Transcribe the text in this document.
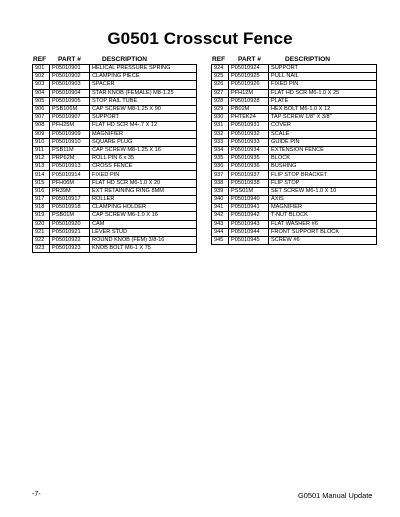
G0501 Crosscut Fence
REF PART #	DESCRIPTION
901	P05010901	HELICAL PRESSURE SPRING
902	P05010902	CLAMPING PIECE
903	P05010903	SPACER
904	P05010904	STAR KNOB (FEMALE) M8-1.25
905	P05010905	STOP RAIL TUBE
906	PSB106M	CAP SCREW M8-1.25 X 90
907	P05010907	SUPPORT
908	PFH25M	FLAT HD SCR M4-.7 X 12
909	P05010909	MAGNIFIER
910	P05010910	SQUARE PLUG
911	PSB11M	CAP SCREW M8-1.25 X 16
912	PRP62M	ROLL PIN 6 x 35
913	P05010913	CROSS FENCE
914	P05010914	FIXED PIN
915	PFH06M	FLAT HD SCR M6-1.0 X 20
916	PR39M	EXT RETAINING RING 8MM
917	P05010917	ROLLER
918	P05010918	CLAMPING HOLDER
919	PSB01M	CAP SCREW M6-1.0 X 16
920	P05010920	CAM
921	P05010921	LEVER STUD
922	P05010922	ROUND KNOB (FEM) 3/8-16
923	P05010923	KNOB BOLT M6-1 X 75
REF PART #	DESCRIPTION
924	P05010924	SUPPORT
925	P05010925	PULL NAIL
926	P05010926	FIXED PIN
927	PFH12M	FLAT HD SCR M6-1.0 X 25
928	P05010928	PLATE
929	PB02M	HEX BOLT M6-1.0 X 12
930	PHTEK24	TAP SCREW 1/8" X 3/8"
931	P05010931	COVER
932	P05010932	SCALE
933	P05010933	GUIDE PIN
934	P05010934	EXTENSION FENCE
935	P05010935	BLOCK
936	P05010936	BUSHING
937	P05010937	FLIP STOP BRACKET
938	P05010938	FLIP STOP
939	PSS01M	SET SCREW M6-1.0 X 10
940	P05010940	AXIS
941	P05010941	MAGNIFIER
942	P05010942	T-NUT BLOCK
943	P05010943	FLAT WASHER #6
944	P05010944	FRONT SUPPORT BLOCK
945	P05010945	SCREW #6
-7-	G0501 Manual Update
